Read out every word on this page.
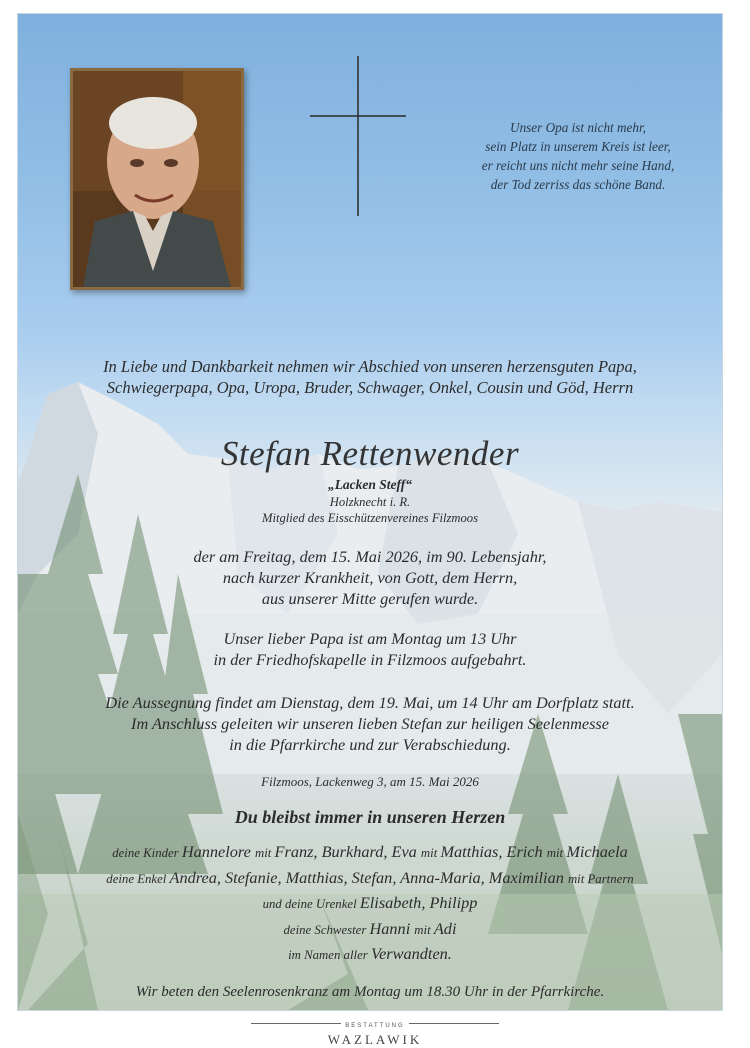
Unser Opa ist nicht mehr,
sein Platz in unserem Kreis ist leer,
er reicht uns nicht mehr seine Hand,
der Tod zerriss das schöne Band.
In Liebe und Dankbarkeit nehmen wir Abschied von unseren herzensguten Papa,
Schwiegerpapa, Opa, Uropa, Bruder, Schwager, Onkel, Cousin und Göd, Herrn
Stefan Rettenwender
„Lacken Steff“
Holzknecht i. R.
Mitglied des Eisschützenvereines Filzmoos
der am Freitag, dem 15. Mai 2026, im 90. Lebensjahr,
nach kurzer Krankheit, von Gott, dem Herrn,
aus unserer Mitte gerufen wurde.
Unser lieber Papa ist am Montag um 13 Uhr
in der Friedhofskapelle in Filzmoos aufgebahrt.
Die Aussegnung findet am Dienstag, dem 19. Mai, um 14 Uhr am Dorfplatz statt.
Im Anschluss geleiten wir unseren lieben Stefan zur heiligen Seelenmesse
in die Pfarrkirche und zur Verabschiedung.
Filzmoos, Lackenweg 3, am 15. Mai 2026
Du bleibst immer in unseren Herzen
deine Kinder Hannelore mit Franz, Burkhard, Eva mit Matthias, Erich mit Michaela
deine Enkel Andrea, Stefanie, Matthias, Stefan, Anna-Maria, Maximilian mit Partnern
und deine Urenkel Elisabeth, Philipp
deine Schwester Hanni mit Adi
im Namen aller Verwandten.
Wir beten den Seelenrosenkranz am Montag um 18.30 Uhr in der Pfarrkirche.
BESTATTUNG
WAZLAWIK
